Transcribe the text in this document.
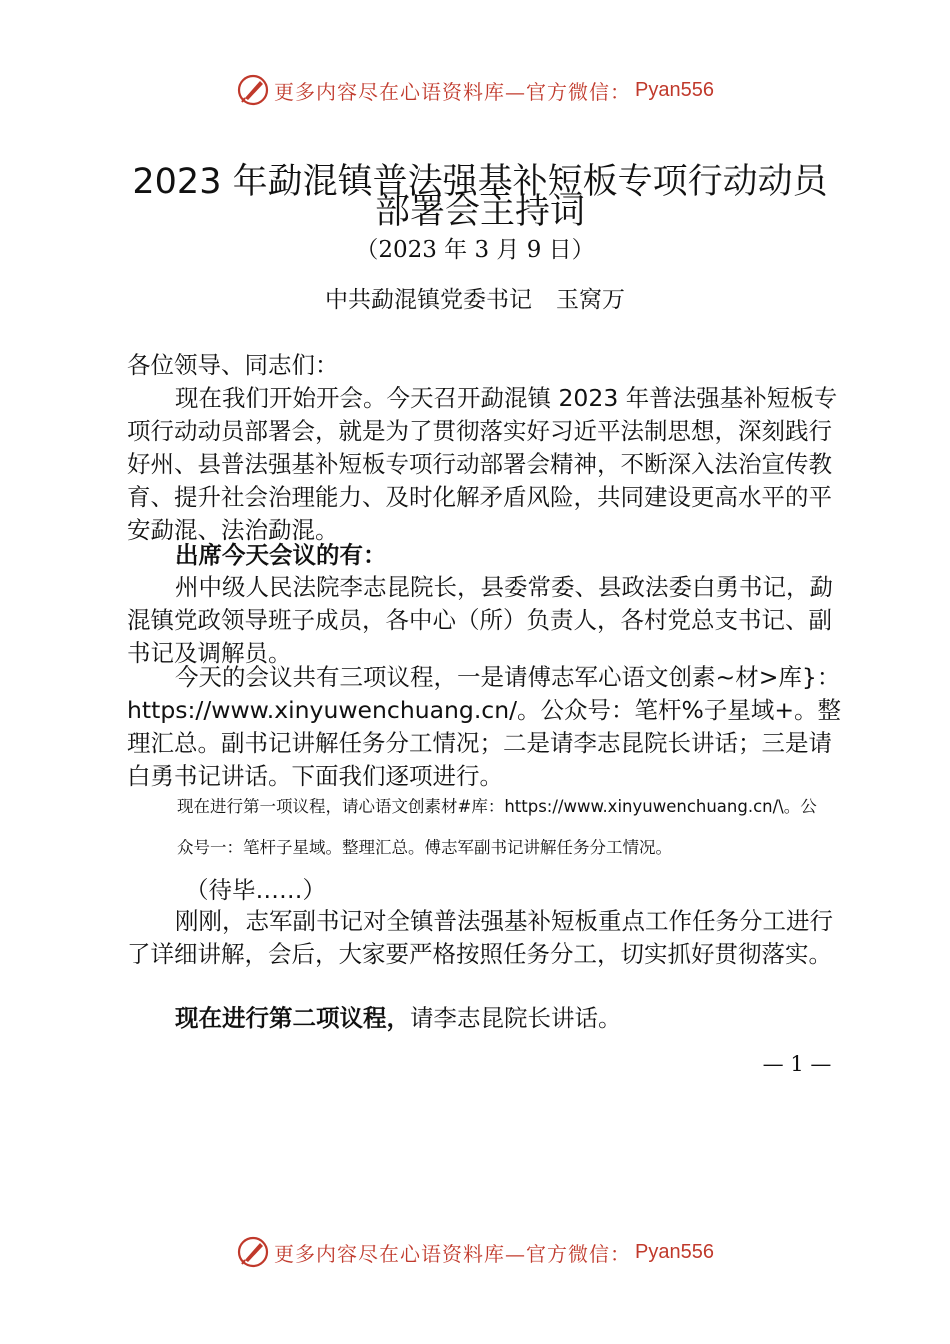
更多内容尽在心语资料库—官方微信： Pyan556
2023 年勐混镇普法强基补短板专项行动动员
部署会主持词
（2023 年 3 月 9 日）
中共勐混镇党委书记 玉窝万

各位领导、同志们：

现在我们开始开会。今天召开勐混镇 2023 年普法强基补短板专项行动动员部署会，就是为了贯彻落实好习近平法制思想，深刻践行好州、县普法强基补短板专项行动部署会精神，不断深入法治宣传教育、提升社会治理能力、及时化解矛盾风险，共同建设更高水平的平安勐混、法治勐混。

出席今天会议的有：

州中级人民法院李志昆院长，县委常委、县政法委白勇书记，勐混镇党政领导班子成员，各中心（所）负责人，各村党总支书记、副书记及调解员。

今天的会议共有三项议程，一是请傅志军心语文创素~材>库}：https://www.xinyuwenchuang.cn/。公众号：笔杆%子星域+。整理汇总。副书记讲解任务分工情况；二是请李志昆院长讲话；三是请白勇书记讲话。下面我们逐项进行。

现在进行第一项议程，请心语文创素材#库：https://www.xinyuwenchuang.cn/\。公

众号一：笔杆子星域。整理汇总。傅志军副书记讲解任务分工情况。

（待毕……）

刚刚，志军副书记对全镇普法强基补短板重点工作任务分工进行了详细讲解，会后，大家要严格按照任务分工，切实抓好贯彻落实。

现在进行第二项议程，请李志昆院长讲话。

— 1 —
更多内容尽在心语资料库—官方微信： Pyan556
